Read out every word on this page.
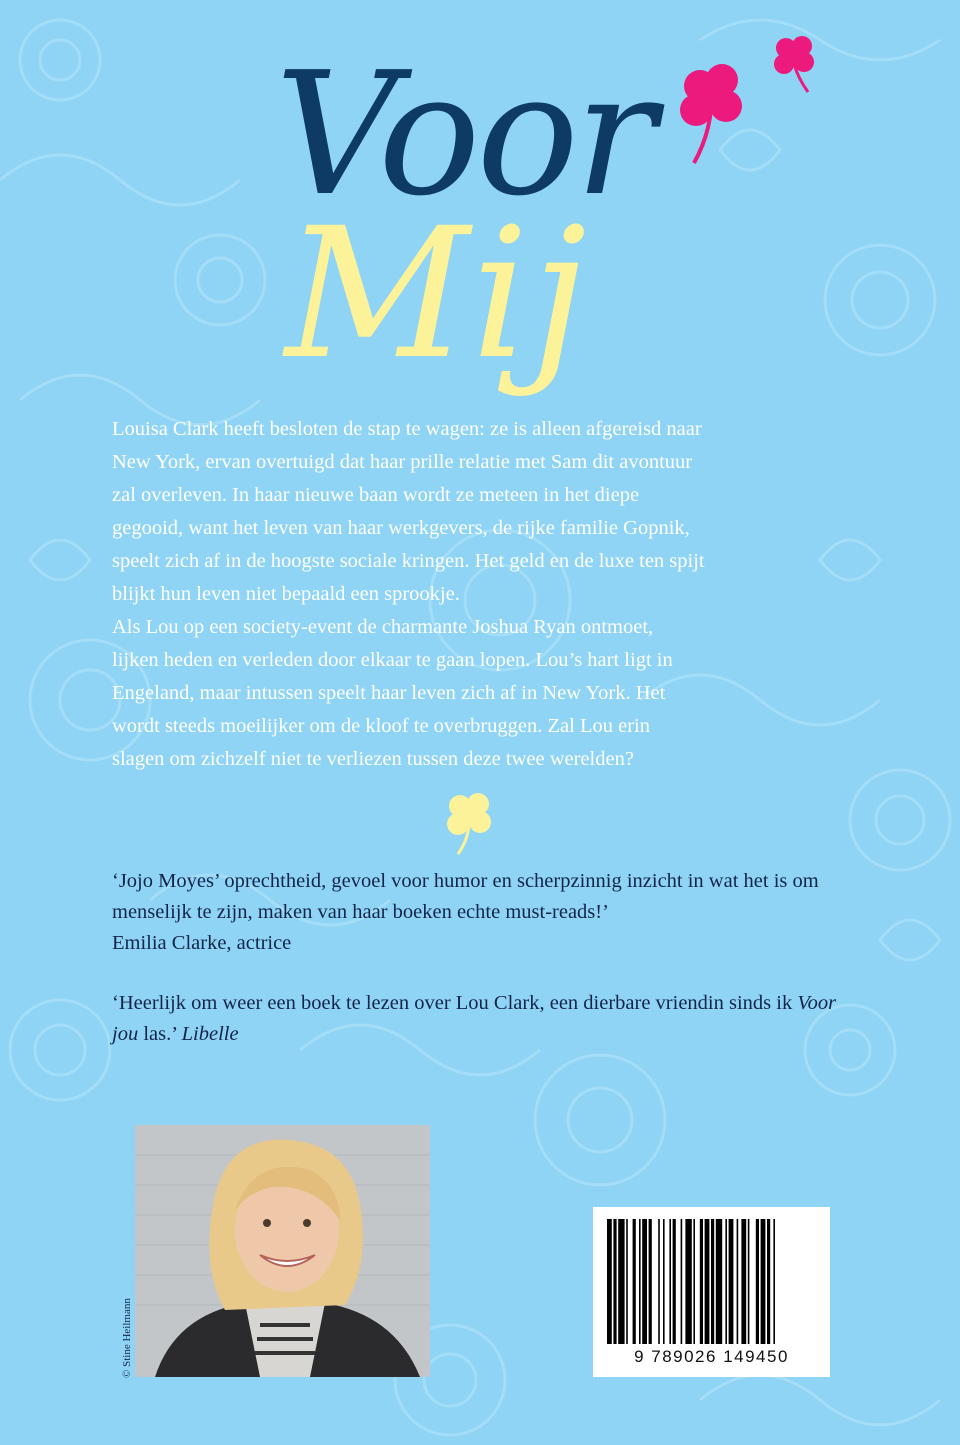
Voor
Mij
Louisa Clark heeft besloten de stap te wagen: ze is alleen afgereisd naar
New York, ervan overtuigd dat haar prille relatie met Sam dit avontuur
zal overleven. In haar nieuwe baan wordt ze meteen in het diepe
gegooid, want het leven van haar werkgevers, de rijke familie Gopnik,
speelt zich af in de hoogste sociale kringen. Het geld en de luxe ten spijt
blijkt hun leven niet bepaald een sprookje.
Als Lou op een society-event de charmante Joshua Ryan ontmoet,
lijken heden en verleden door elkaar te gaan lopen. Lou’s hart ligt in
Engeland, maar intussen speelt haar leven zich af in New York. Het
wordt steeds moeilijker om de kloof te overbruggen. Zal Lou erin
slagen om zichzelf niet te verliezen tussen deze twee werelden?
‘Jojo Moyes’ oprechtheid, gevoel voor humor en scherpzinnig inzicht in wat het is om menselijk te zijn, maken van haar boeken echte must-reads!’
Emilia Clarke, actrice
‘Heerlijk om weer een boek te lezen over Lou Clark, een dierbare vriendin sinds ik Voor jou las.’ Libelle
© Stine Heilmann	9 789026 149450
